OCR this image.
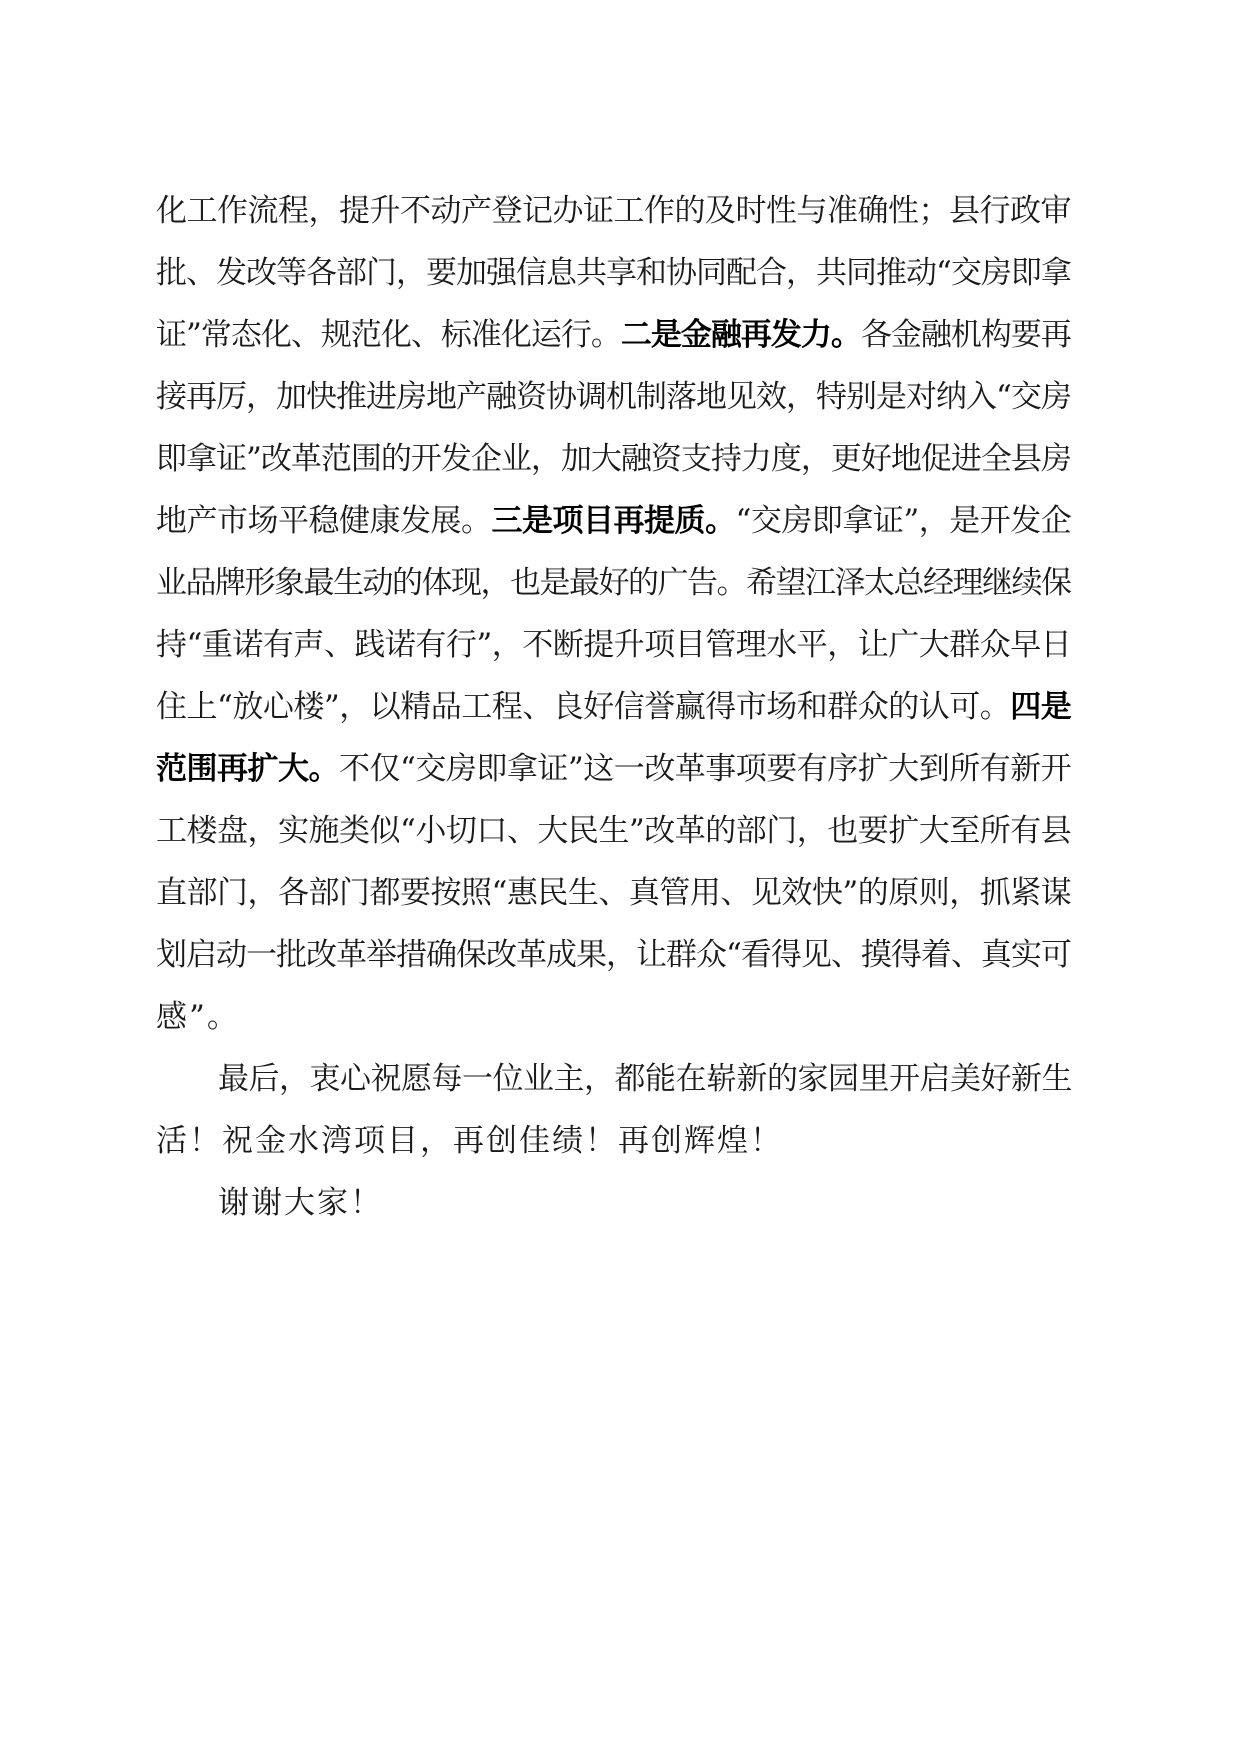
化工作流程，提升不动产登记办证工作的及时性与准确性；县行政审
批、发改等各部门，要加强信息共享和协同配合，共同推动“交房即拿
证”常态化、规范化、标准化运行。二是金融再发力。各金融机构要再
接再厉，加快推进房地产融资协调机制落地见效，特别是对纳入“交房
即拿证”改革范围的开发企业，加大融资支持力度，更好地促进全县房
地产市场平稳健康发展。三是项目再提质。“交房即拿证”，是开发企
业品牌形象最生动的体现，也是最好的广告。希望江泽太总经理继续保
持“重诺有声、践诺有行”，不断提升项目管理水平，让广大群众早日
住上“放心楼”，以精品工程、良好信誉赢得市场和群众的认可。四是
范围再扩大。不仅“交房即拿证”这一改革事项要有序扩大到所有新开
工楼盘，实施类似“小切口、大民生”改革的部门，也要扩大至所有县
直部门，各部门都要按照“惠民生、真管用、见效快”的原则，抓紧谋
划启动一批改革举措确保改革成果，让群众“看得见、摸得着、真实可
感”。
最后，衷心祝愿每一位业主，都能在崭新的家园里开启美好新生
活！祝金水湾项目，再创佳绩！再创辉煌！
谢谢大家！
